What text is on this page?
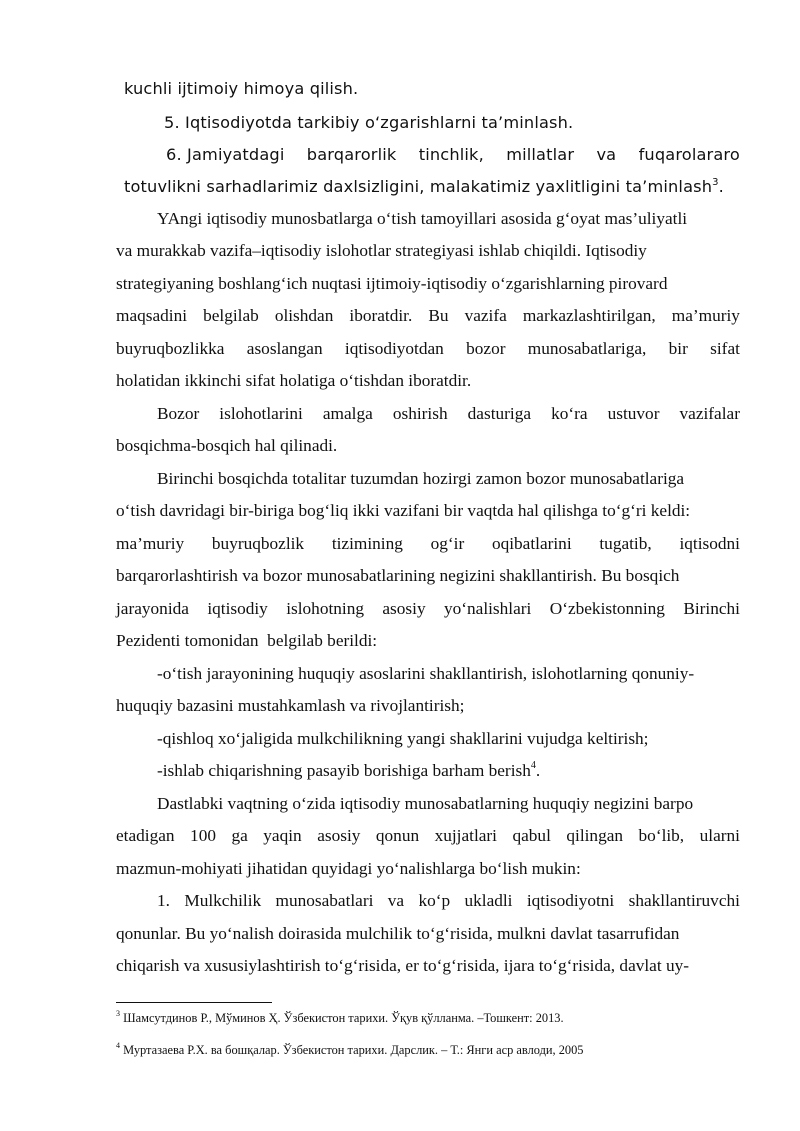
kuchli ijtimoiy himoya qilish.
5. Iqtisodiyotda tarkibiy o‘zgarishlarni ta’minlash.
6. Jamiyatdagi barqarorlik tinchlik, millatlar va fuqarolararo
totuvlikni sarhadlarimiz daxlsizligini, malakatimiz yaxlitligini ta’minlash$^3$.
YAngi iqtisodiy munosbatlarga o‘tish tamoyillari asosida g‘oyat mas’uliyatli
va murakkab vazifa–iqtisodiy islohotlar strategiyasi ishlab chiqildi. Iqtisodiy
strategiyaning boshlang‘ich nuqtasi ijtimoiy-iqtisodiy o‘zgarishlarning pirovard
maqsadini belgilab olishdan iboratdir. Bu vazifa markazlashtirilgan, ma’muriy
buyruqbozlikka asoslangan iqtisodiyotdan bozor munosabatlariga, bir sifat
holatidan ikkinchi sifat holatiga o‘tishdan iboratdir.
Bozor islohotlarini amalga oshirish dasturiga ko‘ra ustuvor vazifalar
bosqichma-bosqich hal qilinadi.
Birinchi bosqichda totalitar tuzumdan hozirgi zamon bozor munosabatlariga
o‘tish davridagi bir-biriga bog‘liq ikki vazifani bir vaqtda hal qilishga to‘g‘ri keldi:
ma’muriy buyruqbozlik tizimining og‘ir oqibatlarini tugatib, iqtisodni
barqarorlashtirish va bozor munosabatlarining negizini shakllantirish. Bu bosqich
jarayonida iqtisodiy islohotning asosiy yo‘nalishlari O‘zbekistonning Birinchi
Pezidenti tomonidan  belgilab berildi:
-o‘tish jarayonining huquqiy asoslarini shakllantirish, islohotlarning qonuniy-
huquqiy bazasini mustahkamlash va rivojlantirish;
-qishloq xo‘jaligida mulkchilikning yangi shakllarini vujudga keltirish;
-ishlab chiqarishning pasayib borishiga barham berish$^4$.
Dastlabki vaqtning o‘zida iqtisodiy munosabatlarning huquqiy negizini barpo
etadigan 100 ga yaqin asosiy qonun xujjatlari qabul qilingan bo‘lib, ularni
mazmun-mohiyati jihatidan quyidagi yo‘nalishlarga bo‘lish mukin:
1. Mulkchilik munosabatlari va ko‘p ukladli iqtisodiyotni shakllantiruvchi
qonunlar. Bu yo‘nalish doirasida mulchilik to‘g‘risida, mulkni davlat tasarrufidan
chiqarish va xususiylashtirish to‘g‘risida, er to‘g‘risida, ijara to‘g‘risida, davlat uy-
$^3$ Шамсутдинов Р., Мўминов Ҳ. Ўзбекистон тарихи. Ўқув қўлланма. –Тошкент: 2013.
$^4$ Муртазаева Р.Х. ва бошқалар. Ўзбекистон тарихи. Дарслик. – Т.: Янги аср авлоди, 2005
